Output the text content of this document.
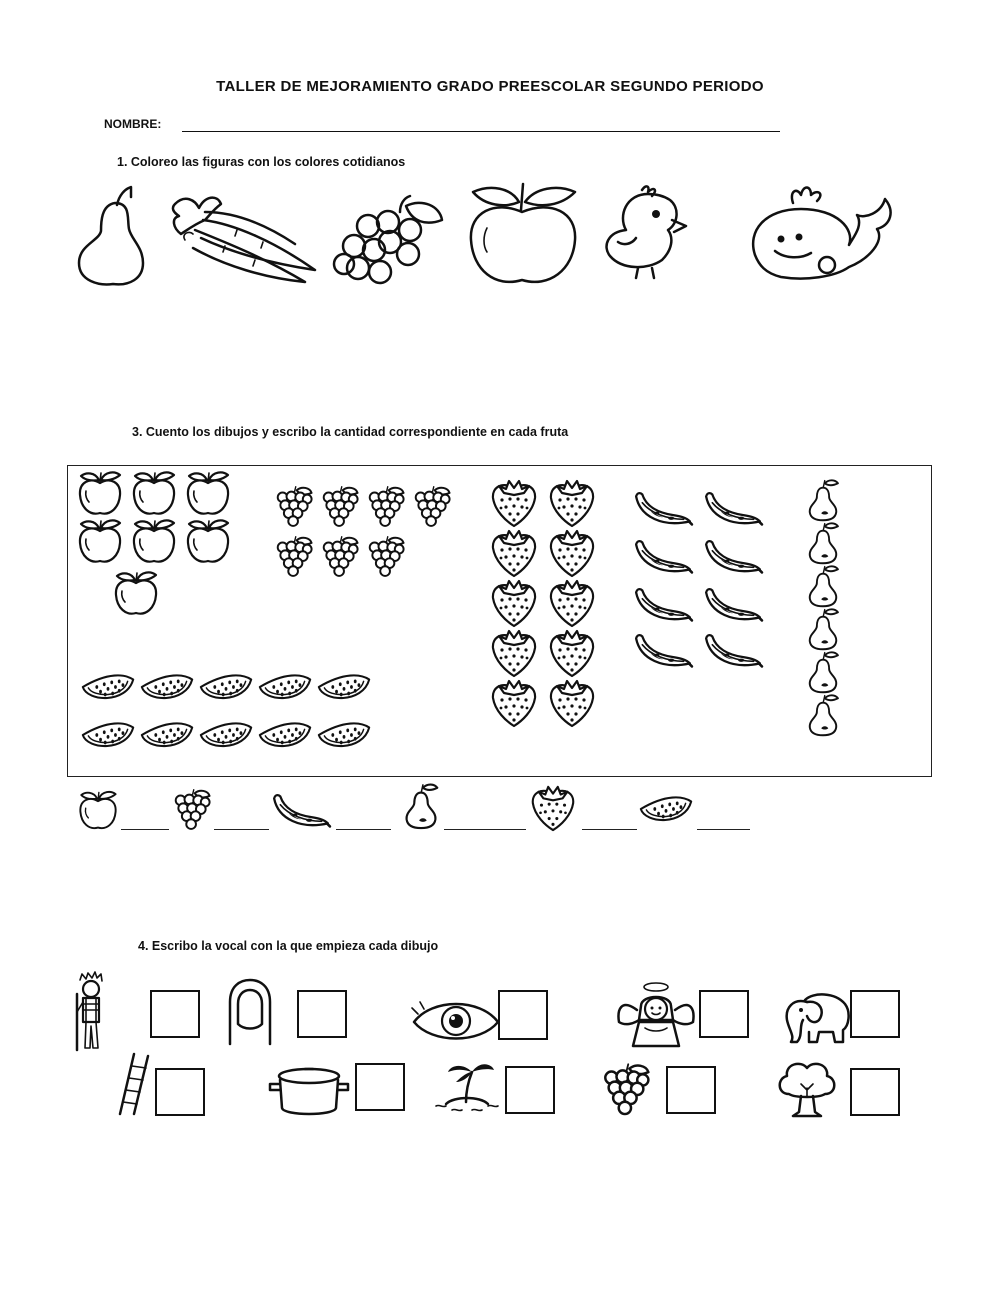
TALLER DE MEJORAMIENTO GRADO PREESCOLAR SEGUNDO PERIODO
NOMBRE:
1. Coloreo las figuras con los colores cotidianos
3. Cuento los dibujos y escribo la cantidad correspondiente en cada fruta
4. Escribo la vocal con la que empieza cada dibujo
